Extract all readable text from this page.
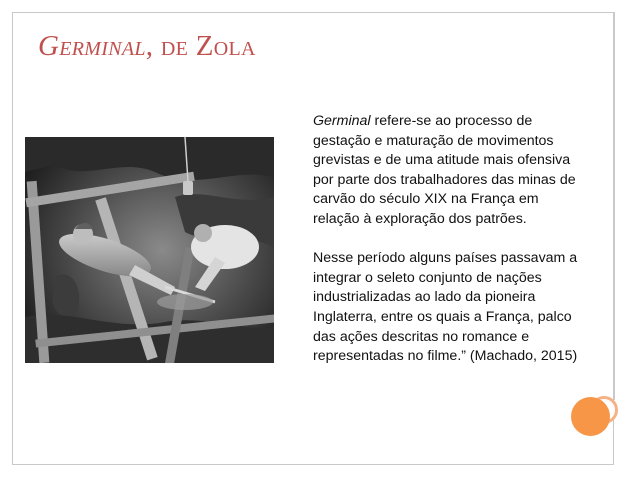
Germinal, de Zola

Germinal refere-se ao processo de gestação e maturação de movimentos grevistas e de uma atitude mais ofensiva por parte dos trabalhadores das minas de carvão do século XIX na França em relação à exploração dos patrões.

Nesse período alguns países passavam a integrar o seleto conjunto de nações industrializadas ao lado da pioneira Inglaterra, entre os quais a França, palco das ações descritas no romance e representadas no filme.” (Machado, 2015)
